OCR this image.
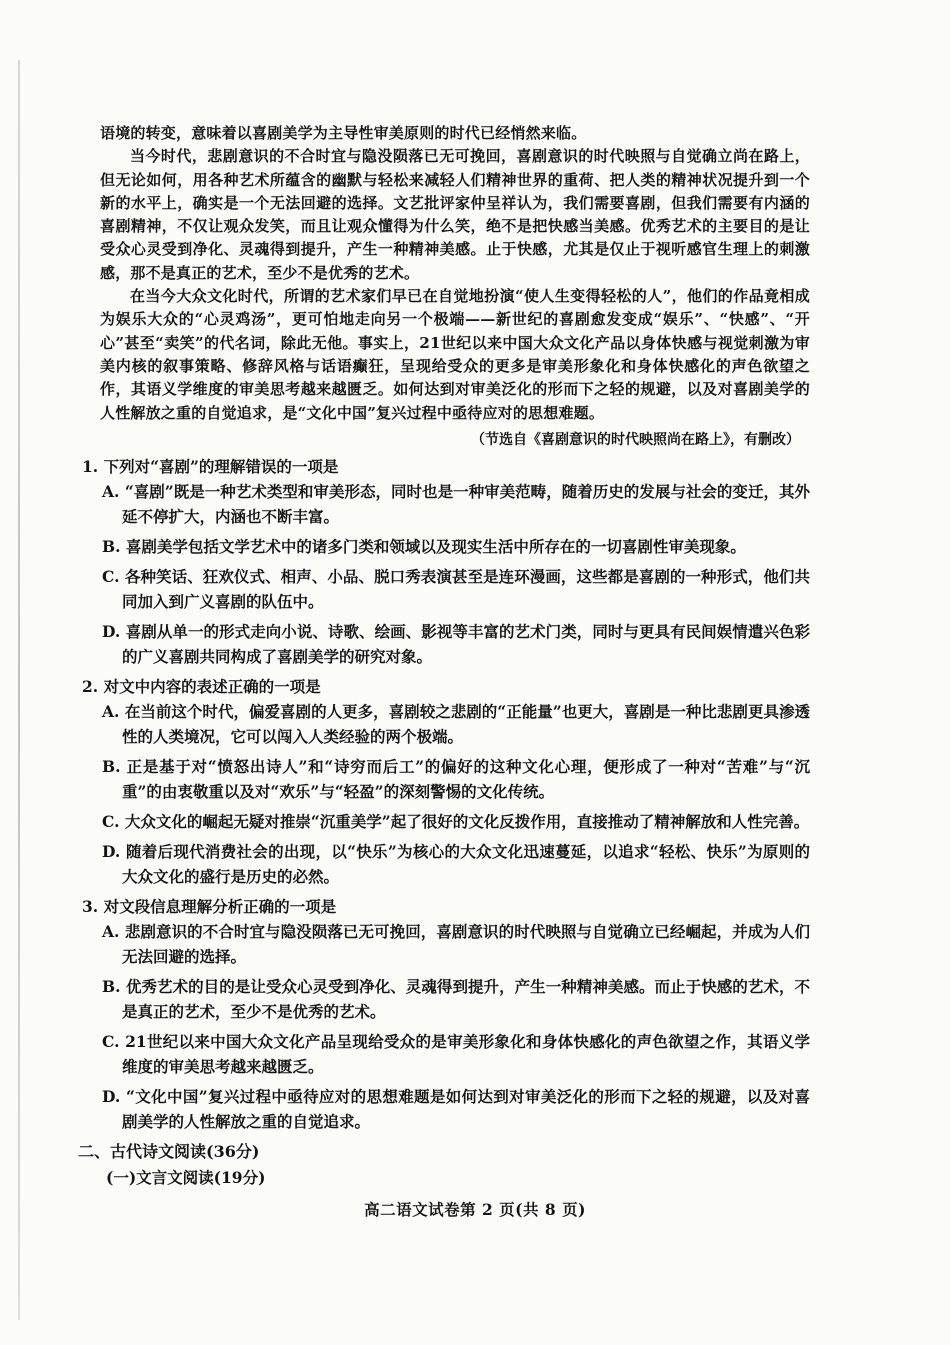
语境的转变，意味着以喜剧美学为主导性审美原则的时代已经悄然来临。

当今时代，悲剧意识的不合时宜与隐没陨落已无可挽回，喜剧意识的时代映照与自觉确立尚在路上，但无论如何，用各种艺术所蕴含的幽默与轻松来减轻人们精神世界的重荷、把人类的精神状况提升到一个新的水平上，确实是一个无法回避的选择。文艺批评家仲呈祥认为，我们需要喜剧，但我们需要有内涵的喜剧精神，不仅让观众发笑，而且让观众懂得为什么笑，绝不是把快感当美感。优秀艺术的主要目的是让受众心灵受到净化、灵魂得到提升，产生一种精神美感。止于快感，尤其是仅止于视听感官生理上的刺激感，那不是真正的艺术，至少不是优秀的艺术。

在当今大众文化时代，所谓的艺术家们早已在自觉地扮演“使人生变得轻松的人”，他们的作品竟相成为娱乐大众的“心灵鸡汤”，更可怕地走向另一个极端——新世纪的喜剧愈发变成“娱乐”、“快感”、“开心”甚至“卖笑”的代名词，除此无他。事实上，21世纪以来中国大众文化产品以身体快感与视觉刺激为审美内核的叙事策略、修辞风格与话语癫狂，呈现给受众的更多是审美形象化和身体快感化的声色欲望之作，其语义学维度的审美思考越来越匮乏。如何达到对审美泛化的形而下之轻的规避，以及对喜剧美学的人性解放之重的自觉追求，是“文化中国”复兴过程中亟待应对的思想难题。

（节选自《喜剧意识的时代映照尚在路上》，有删改）

1. 下列对“喜剧”的理解错误的一项是

A. “喜剧”既是一种艺术类型和审美形态，同时也是一种审美范畴，随着历史的发展与社会的变迁，其外延不停扩大，内涵也不断丰富。

B. 喜剧美学包括文学艺术中的诸多门类和领域以及现实生活中所存在的一切喜剧性审美现象。

C. 各种笑话、狂欢仪式、相声、小品、脱口秀表演甚至是连环漫画，这些都是喜剧的一种形式，他们共同加入到广义喜剧的队伍中。

D. 喜剧从单一的形式走向小说、诗歌、绘画、影视等丰富的艺术门类，同时与更具有民间娱情遣兴色彩的广义喜剧共同构成了喜剧美学的研究对象。

2. 对文中内容的表述正确的一项是

A. 在当前这个时代，偏爱喜剧的人更多，喜剧较之悲剧的“正能量”也更大，喜剧是一种比悲剧更具渗透性的人类境况，它可以闯入人类经验的两个极端。

B. 正是基于对“愤怒出诗人”和“诗穷而后工”的偏好的这种文化心理，便形成了一种对“苦难”与“沉重”的由衷敬重以及对“欢乐”与“轻盈”的深刻警惕的文化传统。

C. 大众文化的崛起无疑对推崇“沉重美学”起了很好的文化反拨作用，直接推动了精神解放和人性完善。

D. 随着后现代消费社会的出现，以“快乐”为核心的大众文化迅速蔓延，以追求“轻松、快乐”为原则的大众文化的盛行是历史的必然。

3. 对文段信息理解分析正确的一项是

A. 悲剧意识的不合时宜与隐没陨落已无可挽回，喜剧意识的时代映照与自觉确立已经崛起，并成为人们无法回避的选择。

B. 优秀艺术的目的是让受众心灵受到净化、灵魂得到提升，产生一种精神美感。而止于快感的艺术，不是真正的艺术，至少不是优秀的艺术。

C. 21世纪以来中国大众文化产品呈现给受众的是审美形象化和身体快感化的声色欲望之作，其语义学维度的审美思考越来越匮乏。

D. “文化中国”复兴过程中亟待应对的思想难题是如何达到对审美泛化的形而下之轻的规避，以及对喜剧美学的人性解放之重的自觉追求。

二、古代诗文阅读(36分)

(一)文言文阅读(19分)

高二语文试卷第 2 页(共 8 页)
